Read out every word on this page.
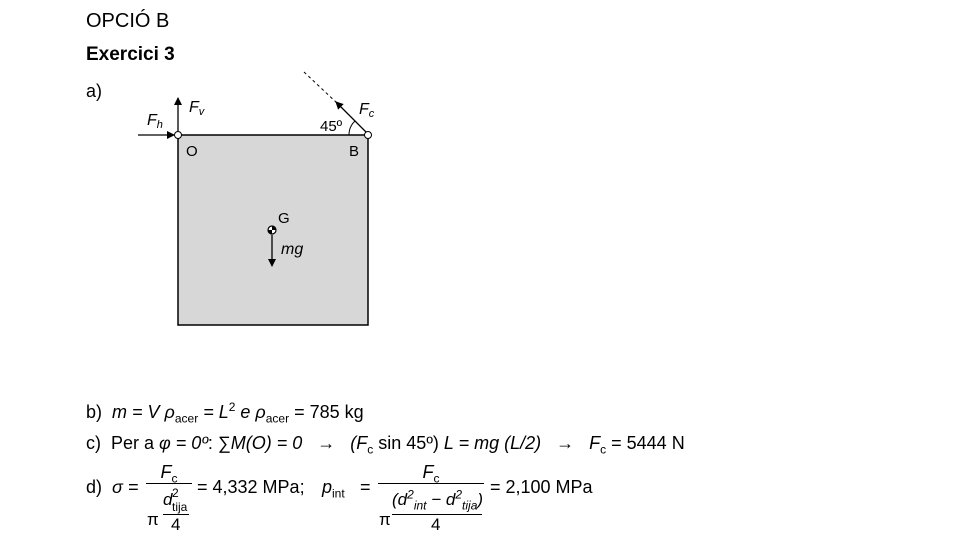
OPCIÓ B
Exercici 3
a)
Fh
Fv	Fc
45º
O	B
G
mg
b) m = V $\rho_{acer} = L^2$ e $\rho_{acer} = 785$ kg
c) Per a φ = 0º: $\sum M(O) = 0 \to (F_c$ sin 45º) L = mg $(L/2) \to F_c = 5444$ N
d) σ =
$F_c$
π
d 2
tija
4
= 4,332 MPa; $p_{int}$ =
$F_c$
π
$(d^2_{int} - d^2_{tija})$
4
= 2,100 MPa
